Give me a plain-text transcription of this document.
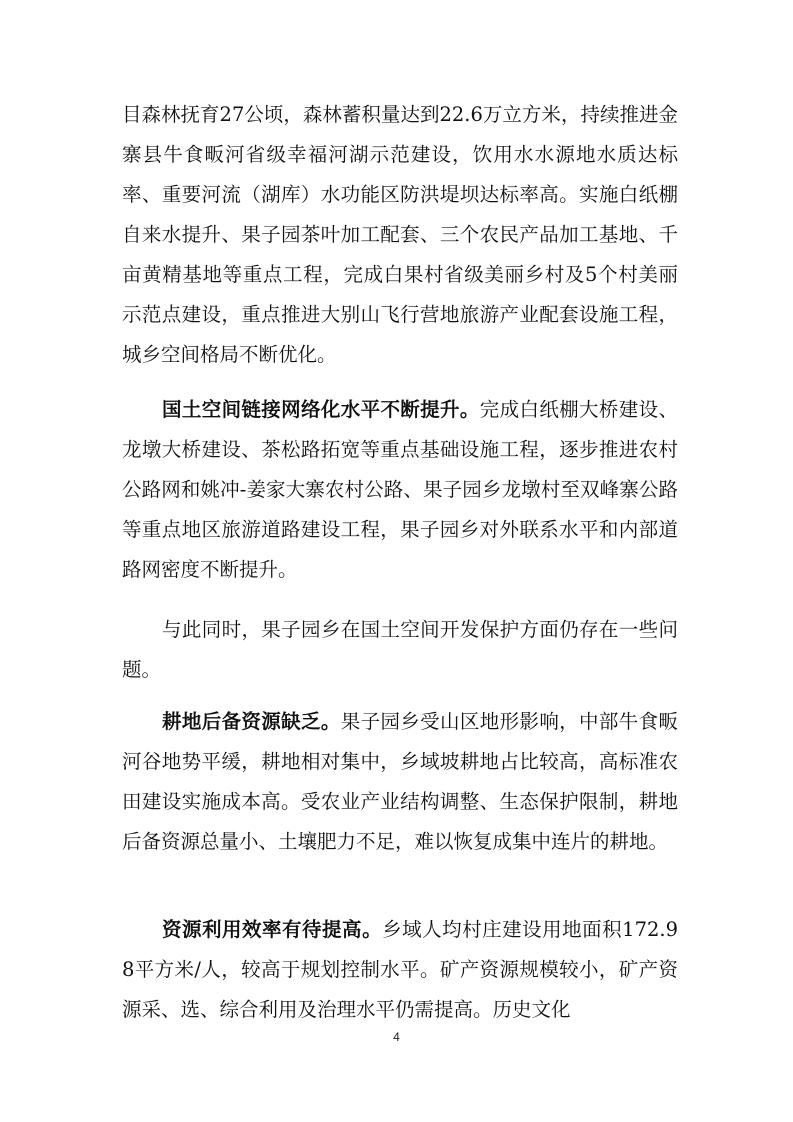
目森林抚育27公顷，森林蓄积量达到22.6万立方米，持续推进金寨县牛食畈河省级幸福河湖示范建设，饮用水水源地水质达标率、重要河流（湖库）水功能区防洪堤坝达标率高。实施白纸棚自来水提升、果子园茶叶加工配套、三个农民产品加工基地、千亩黄精基地等重点工程，完成白果村省级美丽乡村及5个村美丽示范点建设，重点推进大别山飞行营地旅游产业配套设施工程，城乡空间格局不断优化。

国土空间链接网络化水平不断提升。完成白纸棚大桥建设、龙墩大桥建设、茶松路拓宽等重点基础设施工程，逐步推进农村公路网和姚冲-姜家大寨农村公路、果子园乡龙墩村至双峰寨公路等重点地区旅游道路建设工程，果子园乡对外联系水平和内部道路网密度不断提升。

与此同时，果子园乡在国土空间开发保护方面仍存在一些问题。

耕地后备资源缺乏。果子园乡受山区地形影响，中部牛食畈河谷地势平缓，耕地相对集中，乡域坡耕地占比较高，高标准农田建设实施成本高。受农业产业结构调整、生态保护限制，耕地后备资源总量小、土壤肥力不足，难以恢复成集中连片的耕地。

资源利用效率有待提高。乡域人均村庄建设用地面积172.98平方米/人，较高于规划控制水平。矿产资源规模较小，矿产资源采、选、综合利用及治理水平仍需提高。历史文化

4
